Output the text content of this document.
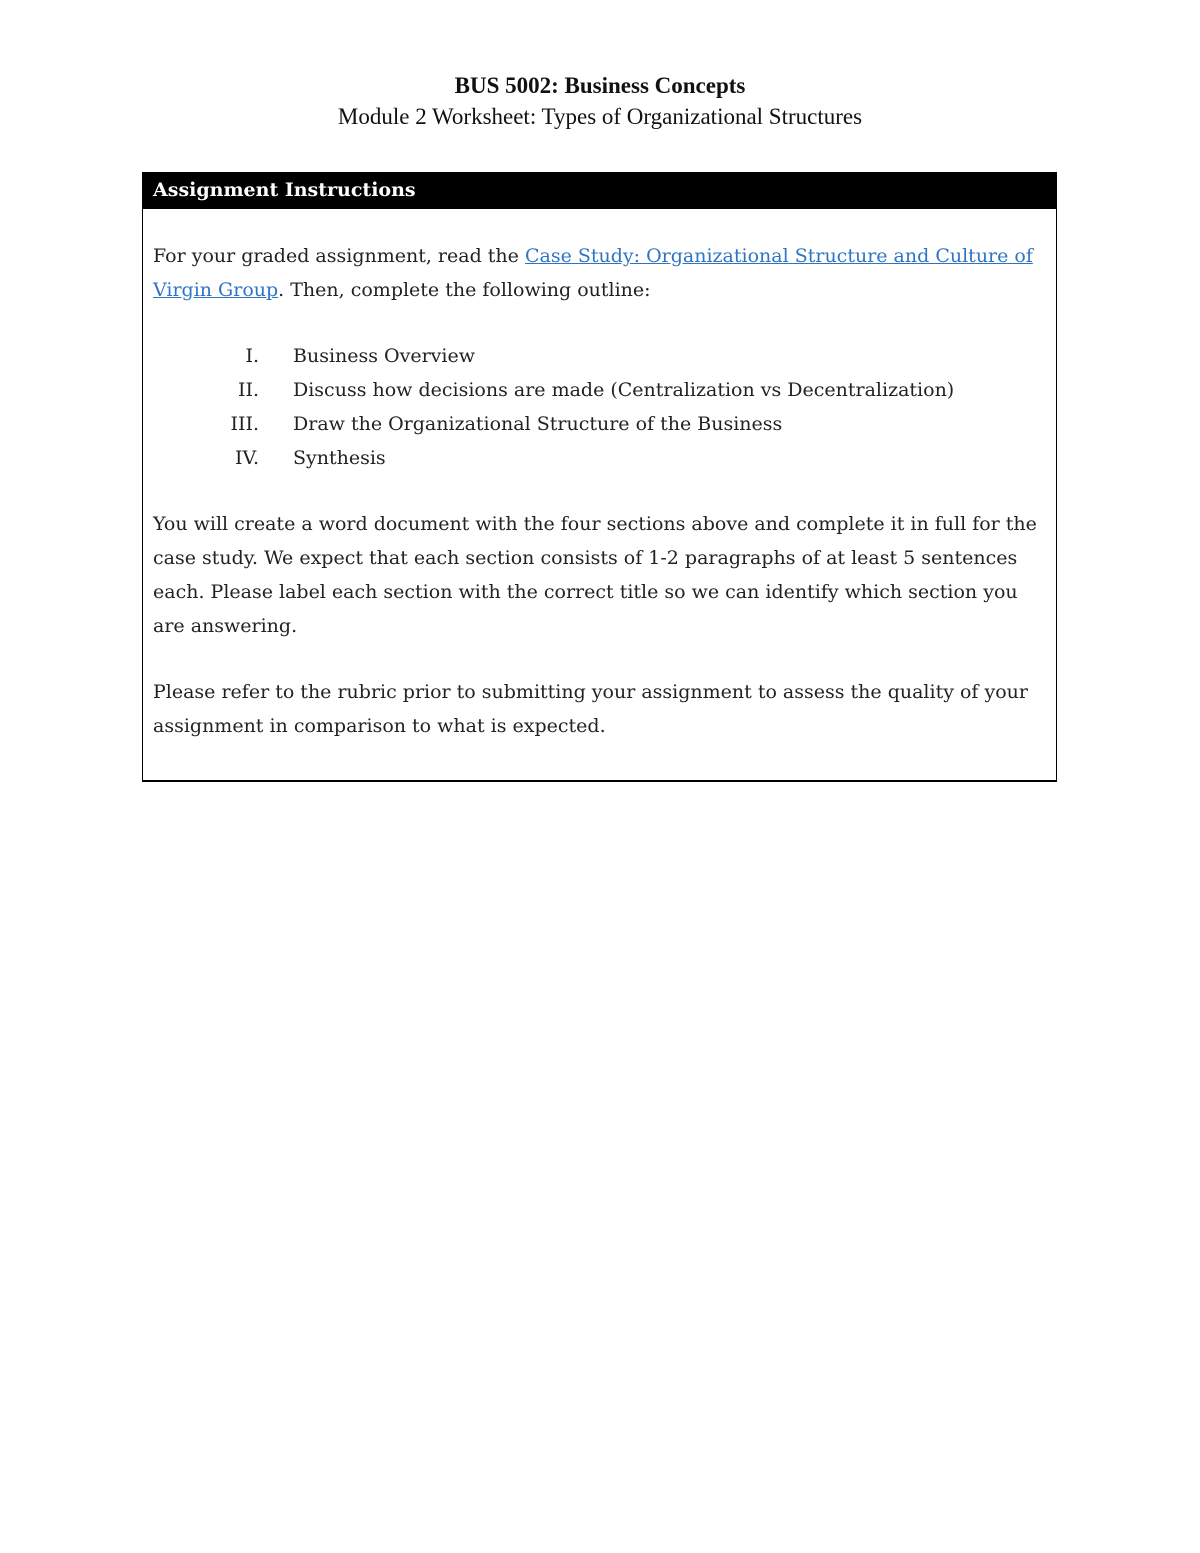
BUS 5002: Business Concepts

Module 2 Worksheet: Types of Organizational Structures

Assignment Instructions

For your graded assignment, read the Case Study: Organizational Structure and Culture of Virgin Group. Then, complete the following outline:

I.	Business Overview
II.	Discuss how decisions are made (Centralization vs Decentralization)
III.	Draw the Organizational Structure of the Business
IV.	Synthesis

You will create a word document with the four sections above and complete it in full for the case study. We expect that each section consists of 1-2 paragraphs of at least 5 sentences each. Please label each section with the correct title so we can identify which section you are answering.

Please refer to the rubric prior to submitting your assignment to assess the quality of your assignment in comparison to what is expected.
